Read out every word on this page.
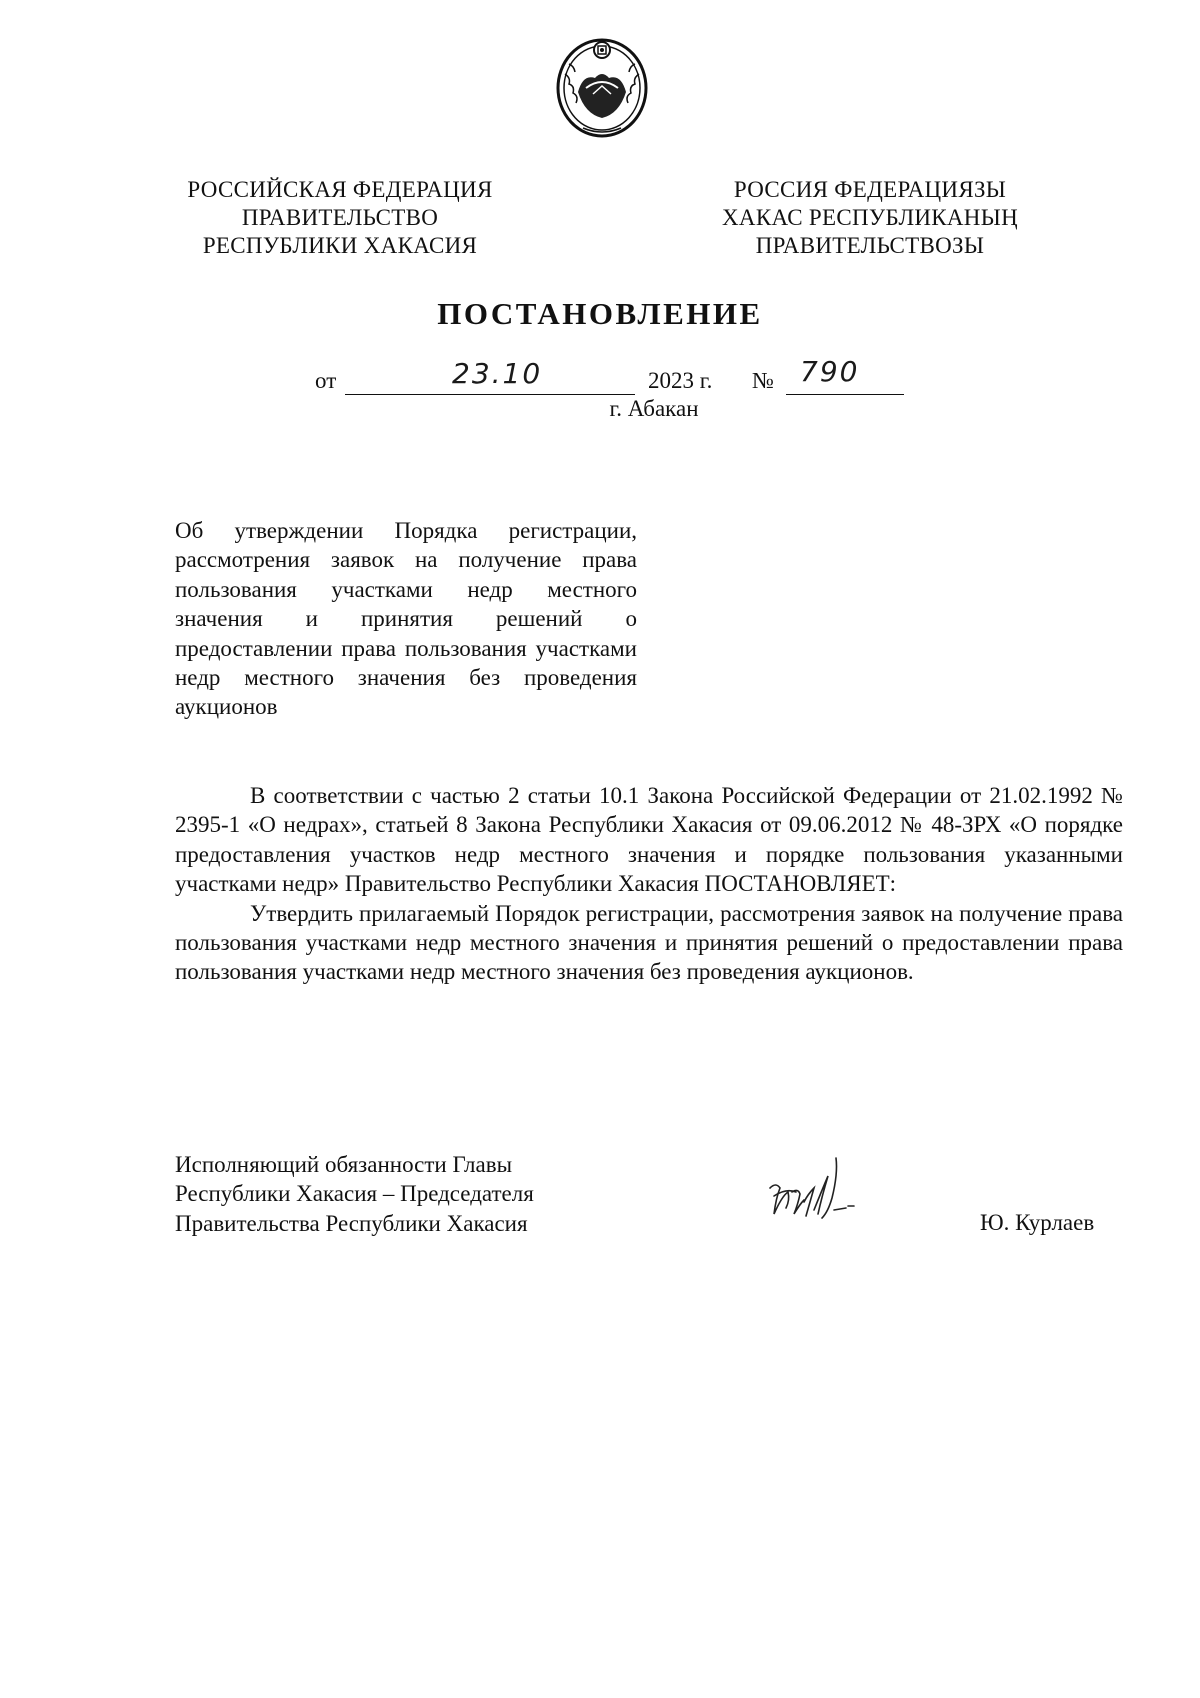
РОССИЙСКАЯ ФЕДЕРАЦИЯ
ПРАВИТЕЛЬСТВО
РЕСПУБЛИКИ ХАКАСИЯ
РОССИЯ ФЕДЕРАЦИЯЗЫ
ХАКАС РЕСПУБЛИКАНЫҢ
ПРАВИТЕЛЬСТВОЗЫ
ПОСТАНОВЛЕНИЕ
от	23.10	2023 г. № 790
г. Абакан
Об утверждении Порядка регистрации, рассмотрения заявок на получение права пользования участками недр местного значения и принятия решений о предоставлении права пользования участками недр местного значения без проведения аукционов

В соответствии с частью 2 статьи 10.1 Закона Российской Федерации от 21.02.1992 № 2395-1 «О недрах», статьей 8 Закона Республики Хакасия от 09.06.2012 № 48-ЗРХ «О порядке предоставления участков недр местного значения и порядке пользования указанными участками недр» Правительство Республики Хакасия ПОСТАНОВЛЯЕТ:

Утвердить прилагаемый Порядок регистрации, рассмотрения заявок на получение права пользования участками недр местного значения и принятия решений о предоставлении права пользования участками недр местного значения без проведения аукционов.

Исполняющий обязанности Главы
Республики Хакасия – Председателя
Правительства Республики Хакасия	Ю. Курлаев
